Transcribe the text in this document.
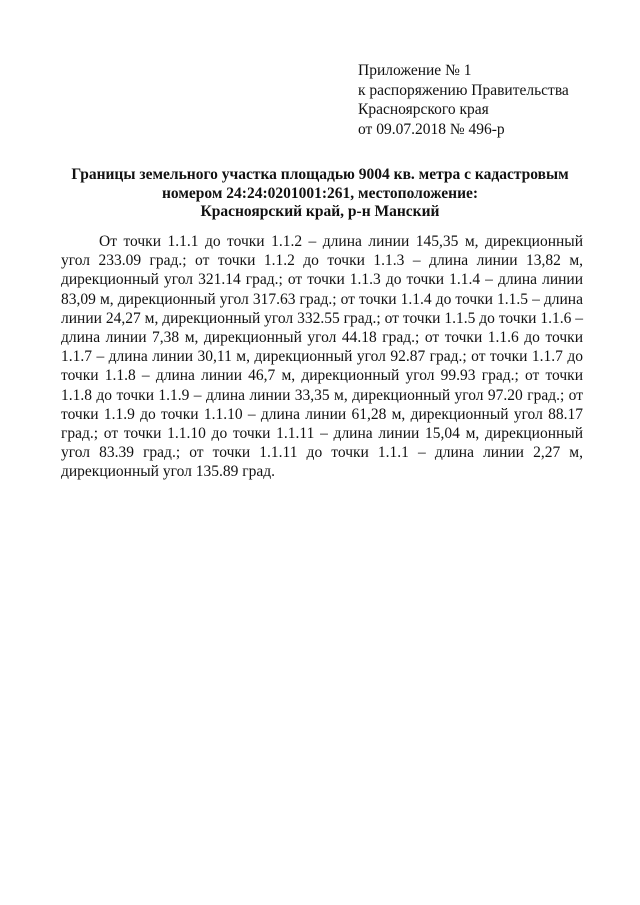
Приложение № 1
к распоряжению Правительства
Красноярского края
от 09.07.2018 № 496-р
Границы земельного участка площадью 9004 кв. метра с кадастровым
номером 24:24:0201001:261, местоположение:
Красноярский край, р-н Манский

От точки 1.1.1 до точки 1.1.2 – длина линии 145,35 м, дирекционный угол 233.09 град.; от точки 1.1.2 до точки 1.1.3 – длина линии 13,82 м, дирекционный угол 321.14 град.; от точки 1.1.3 до точки 1.1.4 – длина линии 83,09 м, дирекционный угол 317.63 град.; от точки 1.1.4 до точки 1.1.5 – длина линии 24,27 м, дирекционный угол 332.55 град.; от точки 1.1.5 до точки 1.1.6 – длина линии 7,38 м, дирекционный угол 44.18 град.; от точки 1.1.6 до точки 1.1.7 – длина линии 30,11 м, дирекционный угол 92.87 град.; от точки 1.1.7 до точки 1.1.8 – длина линии 46,7 м, дирекционный угол 99.93 град.; от точки 1.1.8 до точки 1.1.9 – длина линии 33,35 м, дирекционный угол 97.20 град.; от точки 1.1.9 до точки 1.1.10 – длина линии 61,28 м, дирекционный угол 88.17 град.; от точки 1.1.10 до точки 1.1.11 – длина линии 15,04 м, дирекционный угол 83.39 град.; от точки 1.1.11 до точки 1.1.1 – длина линии 2,27 м, дирекционный угол 135.89 град.
